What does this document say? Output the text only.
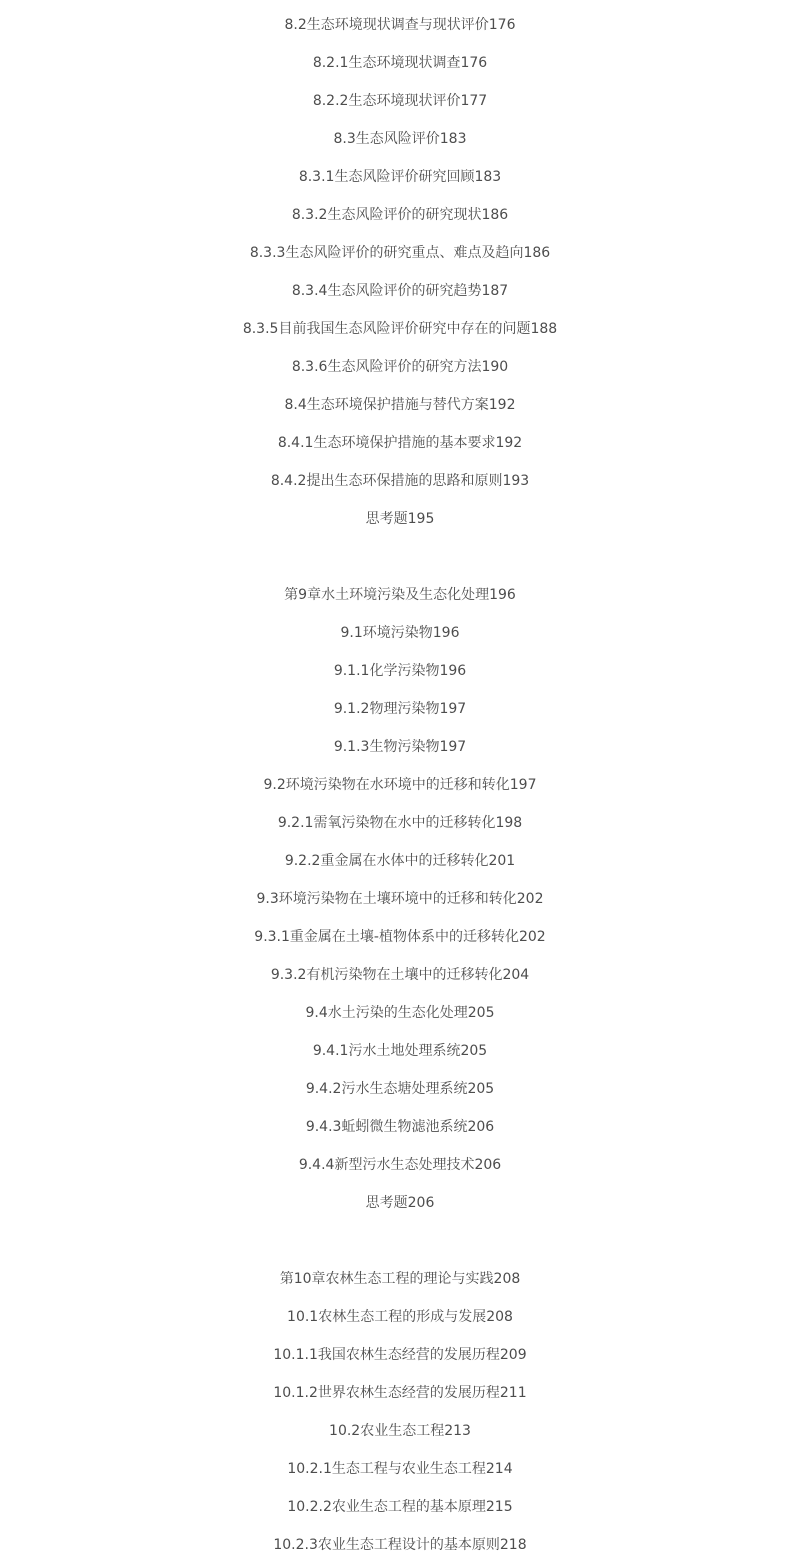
8.2生态环境现状调查与现状评价176
8.2.1生态环境现状调查176
8.2.2生态环境现状评价177
8.3生态风险评价183
8.3.1生态风险评价研究回顾183
8.3.2生态风险评价的研究现状186
8.3.3生态风险评价的研究重点、难点及趋向186
8.3.4生态风险评价的研究趋势187
8.3.5目前我国生态风险评价研究中存在的问题188
8.3.6生态风险评价的研究方法190
8.4生态环境保护措施与替代方案192
8.4.1生态环境保护措施的基本要求192
8.4.2提出生态环保措施的思路和原则193
思考题195
第9章水土环境污染及生态化处理196
9.1环境污染物196
9.1.1化学污染物196
9.1.2物理污染物197
9.1.3生物污染物197
9.2环境污染物在水环境中的迁移和转化197
9.2.1需氧污染物在水中的迁移转化198
9.2.2重金属在水体中的迁移转化201
9.3环境污染物在土壤环境中的迁移和转化202
9.3.1重金属在土壤-植物体系中的迁移转化202
9.3.2有机污染物在土壤中的迁移转化204
9.4水土污染的生态化处理205
9.4.1污水土地处理系统205
9.4.2污水生态塘处理系统205
9.4.3蚯蚓微生物滤池系统206
9.4.4新型污水生态处理技术206
思考题206
第10章农林生态工程的理论与实践208
10.1农林生态工程的形成与发展208
10.1.1我国农林生态经营的发展历程209
10.1.2世界农林生态经营的发展历程211
10.2农业生态工程213
10.2.1生态工程与农业生态工程214
10.2.2农业生态工程的基本原理215
10.2.3农业生态工程设计的基本原则218
